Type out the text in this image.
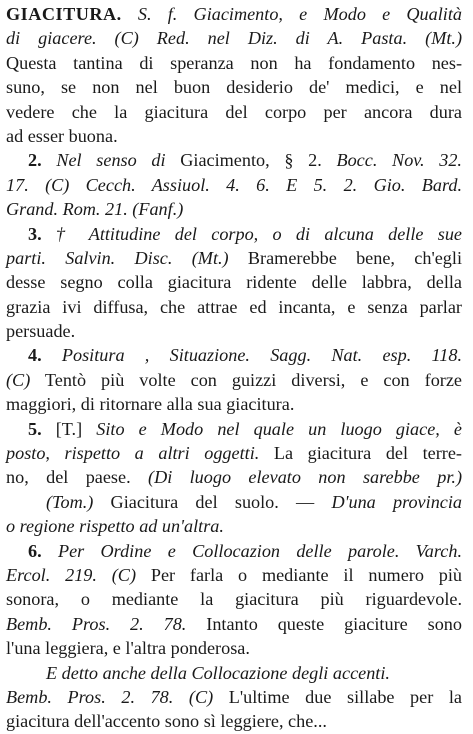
GIACITURA. S. f. Giacimento, e Modo e Qualità
di giacere. (C) Red. nel Diz. di A. Pasta. (Mt.)
Questa tantina di speranza non ha fondamento nes-
suno, se non nel buon desiderio de' medici, e nel
vedere che la giacitura del corpo per ancora dura
ad esser buona.
2. Nel senso di Giacimento, § 2. Bocc. Nov. 32.
17. (C) Cecch. Assiuol. 4. 6. E 5. 2. Gio. Bard.
Grand. Rom. 21. (Fanf.)
3. † Attitudine del corpo, o di alcuna delle sue
parti. Salvin. Disc. (Mt.) Bramerebbe bene, ch'egli
desse segno colla giacitura ridente delle labbra, della
grazia ivi diffusa, che attrae ed incanta, e senza parlar
persuade.
4. Positura , Situazione. Sagg. Nat. esp. 118.
(C) Tentò più volte con guizzi diversi, e con forze
maggiori, di ritornare alla sua giacitura.
5. [T.] Sito e Modo nel quale un luogo giace, è
posto, rispetto a altri oggetti. La giacitura del terre-
no, del paese. (Di luogo elevato non sarebbe pr.)
(Tom.) Giacitura del suolo. — D'una provincia
o regione rispetto ad un'altra.
6. Per Ordine e Collocazion delle parole. Varch.
Ercol. 219. (C) Per farla o mediante il numero più
sonora, o mediante la giacitura più riguardevole.
Bemb. Pros. 2. 78. Intanto queste giaciture sono
l'una leggiera, e l'altra ponderosa.
E detto anche della Collocazione degli accenti.
Bemb. Pros. 2. 78. (C) L'ultime due sillabe per la
giacitura dell'accento sono sì leggiere, che...
